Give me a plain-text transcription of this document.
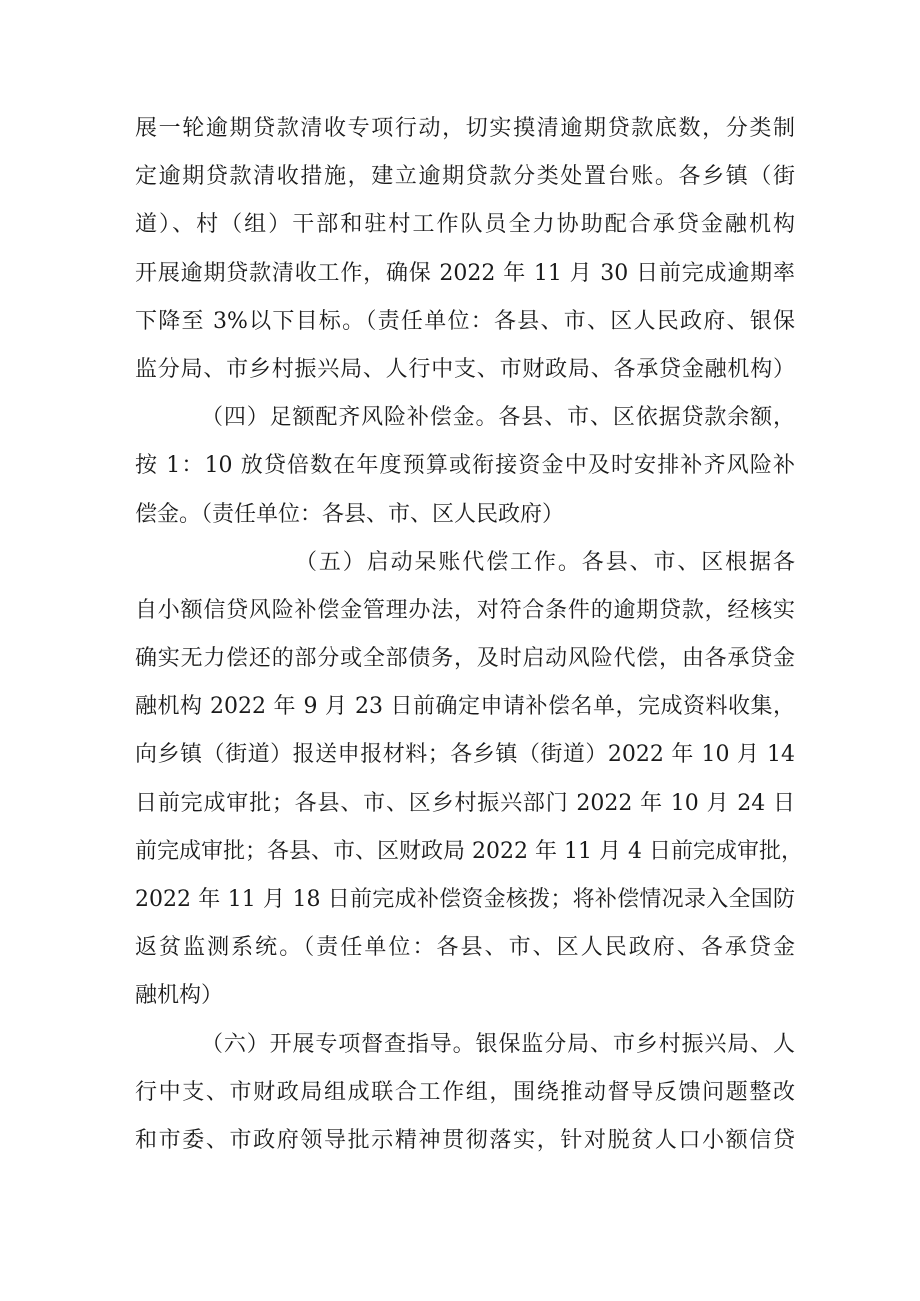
展一轮逾期贷款清收专项行动，切实摸清逾期贷款底数，分类制
定逾期贷款清收措施，建立逾期贷款分类处置台账。各乡镇（街
道）、村（组）干部和驻村工作队员全力协助配合承贷金融机构
开展逾期贷款清收工作，确保 2022 年 11 月 30 日前完成逾期率
下降至 3%以下目标。（责任单位：各县、市、区人民政府、银保
监分局、市乡村振兴局、人行中支、市财政局、各承贷金融机构）
（四）足额配齐风险补偿金。各县、市、区依据贷款余额，
按 1：10 放贷倍数在年度预算或衔接资金中及时安排补齐风险补
偿金。（责任单位：各县、市、区人民政府）
（五）启动呆账代偿工作。各县、市、区根据各
自小额信贷风险补偿金管理办法，对符合条件的逾期贷款，经核实
确实无力偿还的部分或全部债务，及时启动风险代偿，由各承贷金
融机构 2022 年 9 月 23 日前确定申请补偿名单，完成资料收集，
向乡镇（街道）报送申报材料；各乡镇（街道）2022 年 10 月 14
日前完成审批；各县、市、区乡村振兴部门 2022 年 10 月 24 日
前完成审批；各县、市、区财政局 2022 年 11 月 4 日前完成审批，
2022 年 11 月 18 日前完成补偿资金核拨；将补偿情况录入全国防
返贫监测系统。（责任单位：各县、市、区人民政府、各承贷金
融机构）
（六）开展专项督查指导。银保监分局、市乡村振兴局、人
行中支、市财政局组成联合工作组，围绕推动督导反馈问题整改
和市委、市政府领导批示精神贯彻落实，针对脱贫人口小额信贷
